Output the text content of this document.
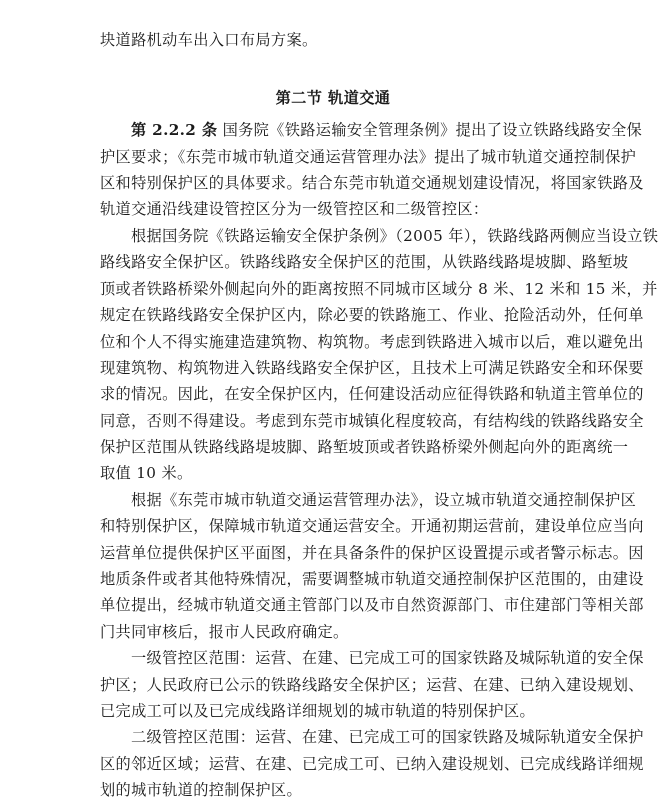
块道路机动车出入口布局方案。
第二节 轨道交通
第 2.2.2 条 国务院《铁路运输安全管理条例》提出了设立铁路线路安全保
护区要求；《东莞市城市轨道交通运营管理办法》提出了城市轨道交通控制保护
区和特别保护区的具体要求。结合东莞市轨道交通规划建设情况，将国家铁路及
轨道交通沿线建设管控区分为一级管控区和二级管控区：
根据国务院《铁路运输安全保护条例》（2005 年），铁路线路两侧应当设立铁
路线路安全保护区。铁路线路安全保护区的范围，从铁路线路堤坡脚、路堑坡
顶或者铁路桥梁外侧起向外的距离按照不同城市区域分 8 米、12 米和 15 米，并
规定在铁路线路安全保护区内，除必要的铁路施工、作业、抢险活动外，任何单
位和个人不得实施建造建筑物、构筑物。考虑到铁路进入城市以后，难以避免出
现建筑物、构筑物进入铁路线路安全保护区，且技术上可满足铁路安全和环保要
求的情况。因此，在安全保护区内，任何建设活动应征得铁路和轨道主管单位的
同意，否则不得建设。考虑到东莞市城镇化程度较高，有结构线的铁路线路安全
保护区范围从铁路线路堤坡脚、路堑坡顶或者铁路桥梁外侧起向外的距离统一
取值 10 米。
根据《东莞市城市轨道交通运营管理办法》，设立城市轨道交通控制保护区
和特别保护区，保障城市轨道交通运营安全。开通初期运营前，建设单位应当向
运营单位提供保护区平面图，并在具备条件的保护区设置提示或者警示标志。因
地质条件或者其他特殊情况，需要调整城市轨道交通控制保护区范围的，由建设
单位提出，经城市轨道交通主管部门以及市自然资源部门、市住建部门等相关部
门共同审核后，报市人民政府确定。
一级管控区范围：运营、在建、已完成工可的国家铁路及城际轨道的安全保
护区；人民政府已公示的铁路线路安全保护区；运营、在建、已纳入建设规划、
已完成工可以及已完成线路详细规划的城市轨道的特别保护区。
二级管控区范围：运营、在建、已完成工可的国家铁路及城际轨道安全保护
区的邻近区域；运营、在建、已完成工可、已纳入建设规划、已完成线路详细规
划的城市轨道的控制保护区。
